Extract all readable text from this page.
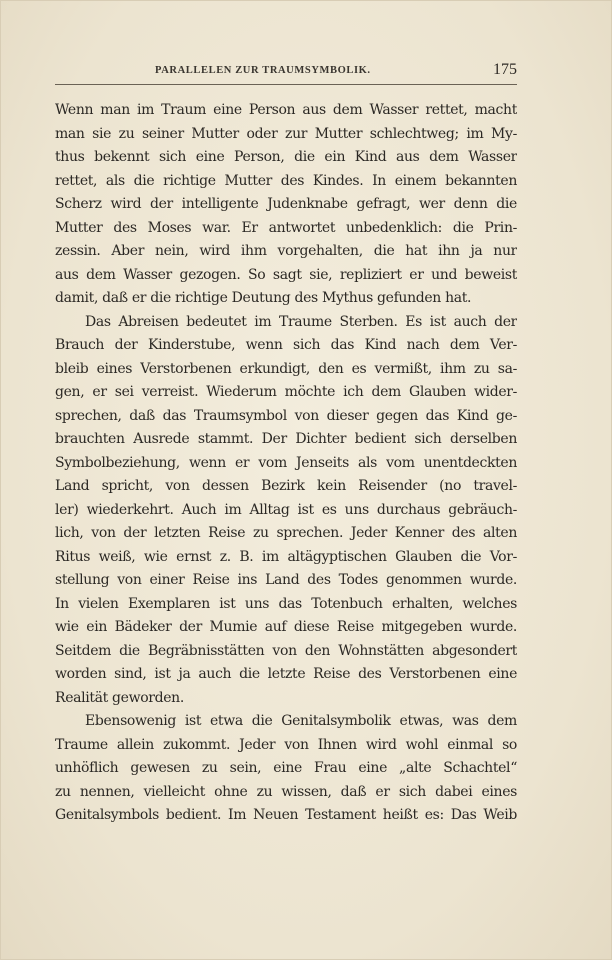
PARALLELEN ZUR TRAUMSYMBOLIK.	175
Wenn man im Traum eine Person aus dem Wasser rettet, macht
man sie zu seiner Mutter oder zur Mutter schlechtweg; im My-
thus bekennt sich eine Person, die ein Kind aus dem Wasser
rettet, als die richtige Mutter des Kindes. In einem bekannten
Scherz wird der intelligente Judenknabe gefragt, wer denn die
Mutter des Moses war. Er antwortet unbedenklich: die Prin-
zessin. Aber nein, wird ihm vorgehalten, die hat ihn ja nur
aus dem Wasser gezogen. So sagt sie, repliziert er und beweist
damit, daß er die richtige Deutung des Mythus gefunden hat.
Das Abreisen bedeutet im Traume Sterben. Es ist auch der
Brauch der Kinderstube, wenn sich das Kind nach dem Ver-
bleib eines Verstorbenen erkundigt, den es vermißt, ihm zu sa-
gen, er sei verreist. Wiederum möchte ich dem Glauben wider-
sprechen, daß das Traumsymbol von dieser gegen das Kind ge-
brauchten Ausrede stammt. Der Dichter bedient sich derselben
Symbolbeziehung, wenn er vom Jenseits als vom unentdeckten
Land spricht, von dessen Bezirk kein Reisender (no travel-
ler) wiederkehrt. Auch im Alltag ist es uns durchaus gebräuch-
lich, von der letzten Reise zu sprechen. Jeder Kenner des alten
Ritus weiß, wie ernst z. B. im altägyptischen Glauben die Vor-
stellung von einer Reise ins Land des Todes genommen wurde.
In vielen Exemplaren ist uns das Totenbuch erhalten, welches
wie ein Bädeker der Mumie auf diese Reise mitgegeben wurde.
Seitdem die Begräbnisstätten von den Wohnstätten abgesondert
worden sind, ist ja auch die letzte Reise des Verstorbenen eine
Realität geworden.
Ebensowenig ist etwa die Genitalsymbolik etwas, was dem
Traume allein zukommt. Jeder von Ihnen wird wohl einmal so
unhöflich gewesen zu sein, eine Frau eine „alte Schachtel“
zu nennen, vielleicht ohne zu wissen, daß er sich dabei eines
Genitalsymbols bedient. Im Neuen Testament heißt es: Das Weib
